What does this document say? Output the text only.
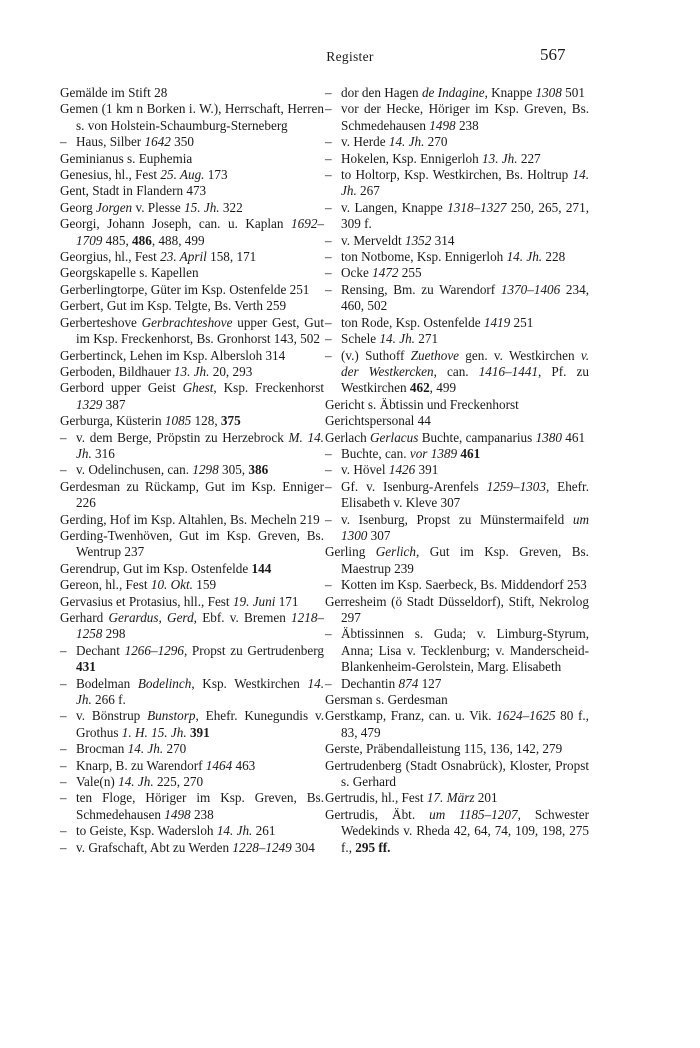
Register	567

Gemälde im Stift 28

Gemen (1 km n Borken i. W.), Herrschaft, Herren s. von Holstein-Schaumburg-Sterneberg

– Haus, Silber 1642 350

Geminianus s. Euphemia

Genesius, hl., Fest 25. Aug. 173

Gent, Stadt in Flandern 473

Georg Jorgen v. Plesse 15. Jh. 322

Georgi, Johann Joseph, can. u. Kaplan 1692–1709 485, 486, 488, 499

Georgius, hl., Fest 23. April 158, 171

Georgskapelle s. Kapellen

Gerberlingtorpe, Güter im Ksp. Ostenfelde 251

Gerbert, Gut im Ksp. Telgte, Bs. Verth 259

Gerberteshove Gerbrachteshove upper Gest, Gut im Ksp. Freckenhorst, Bs. Gronhorst 143, 502

Gerbertinck, Lehen im Ksp. Albersloh 314

Gerboden, Bildhauer 13. Jh. 20, 293

Gerbord upper Geist Ghest, Ksp. Freckenhorst 1329 387

Gerburga, Küsterin 1085 128, 375

– v. dem Berge, Pröpstin zu Herzebrock M. 14. Jh. 316

– v. Odelinchusen, can. 1298 305, 386

Gerdesman zu Rückamp, Gut im Ksp. Enniger 226

Gerding, Hof im Ksp. Altahlen, Bs. Mecheln 219

Gerding-Twenhöven, Gut im Ksp. Greven, Bs. Wentrup 237

Gerendrup, Gut im Ksp. Ostenfelde 144

Gereon, hl., Fest 10. Okt. 159

Gervasius et Protasius, hll., Fest 19. Juni 171

Gerhard Gerardus, Gerd, Ebf. v. Bremen 1218–1258 298

– Dechant 1266–1296, Propst zu Gertrudenberg 431

– Bodelman Bodelinch, Ksp. Westkirchen 14. Jh. 266 f.

– v. Bönstrup Bunstorp, Ehefr. Kunegundis v. Grothus 1. H. 15. Jh. 391

– Brocman 14. Jh. 270

– Knarp, B. zu Warendorf 1464 463

– Vale(n) 14. Jh. 225, 270

– ten Floge, Höriger im Ksp. Greven, Bs. Schmedehausen 1498 238

– to Geiste, Ksp. Wadersloh 14. Jh. 261

– v. Grafschaft, Abt zu Werden 1228–1249 304

– dor den Hagen de Indagine, Knappe 1308 501

– vor der Hecke, Höriger im Ksp. Greven, Bs. Schmedehausen 1498 238

– v. Herde 14. Jh. 270

– Hokelen, Ksp. Ennigerloh 13. Jh. 227

– to Holtorp, Ksp. Westkirchen, Bs. Holtrup 14. Jh. 267

– v. Langen, Knappe 1318–1327 250, 265, 271, 309 f.

– v. Merveldt 1352 314

– ton Notbome, Ksp. Ennigerloh 14. Jh. 228

– Ocke 1472 255

– Rensing, Bm. zu Warendorf 1370–1406 234, 460, 502

– ton Rode, Ksp. Ostenfelde 1419 251

– Schele 14. Jh. 271

– (v.) Suthoff Zuethove gen. v. Westkirchen v. der Westkercken, can. 1416–1441, Pf. zu Westkirchen 462, 499

Gericht s. Äbtissin und Freckenhorst

Gerichtspersonal 44

Gerlach Gerlacus Buchte, campanarius 1380 461

– Buchte, can. vor 1389 461

– v. Hövel 1426 391

– Gf. v. Isenburg-Arenfels 1259–1303, Ehefr. Elisabeth v. Kleve 307

– v. Isenburg, Propst zu Münstermaifeld um 1300 307

Gerling Gerlich, Gut im Ksp. Greven, Bs. Maestrup 239

– Kotten im Ksp. Saerbeck, Bs. Middendorf 253

Gerresheim (ö Stadt Düsseldorf), Stift, Nekrolog 297

– Äbtissinnen s. Guda; v. Limburg-Styrum, Anna; Lisa v. Tecklenburg; v. Manderscheid-Blankenheim-Gerolstein, Marg. Elisabeth

– Dechantin 874 127

Gersman s. Gerdesman

Gerstkamp, Franz, can. u. Vik. 1624–1625 80 f., 83, 479

Gerste, Präbendalleistung 115, 136, 142, 279

Gertrudenberg (Stadt Osnabrück), Kloster, Propst s. Gerhard

Gertrudis, hl., Fest 17. März 201

Gertrudis, Äbt. um 1185–1207, Schwester Wedekinds v. Rheda 42, 64, 74, 109, 198, 275 f., 295 ff.
